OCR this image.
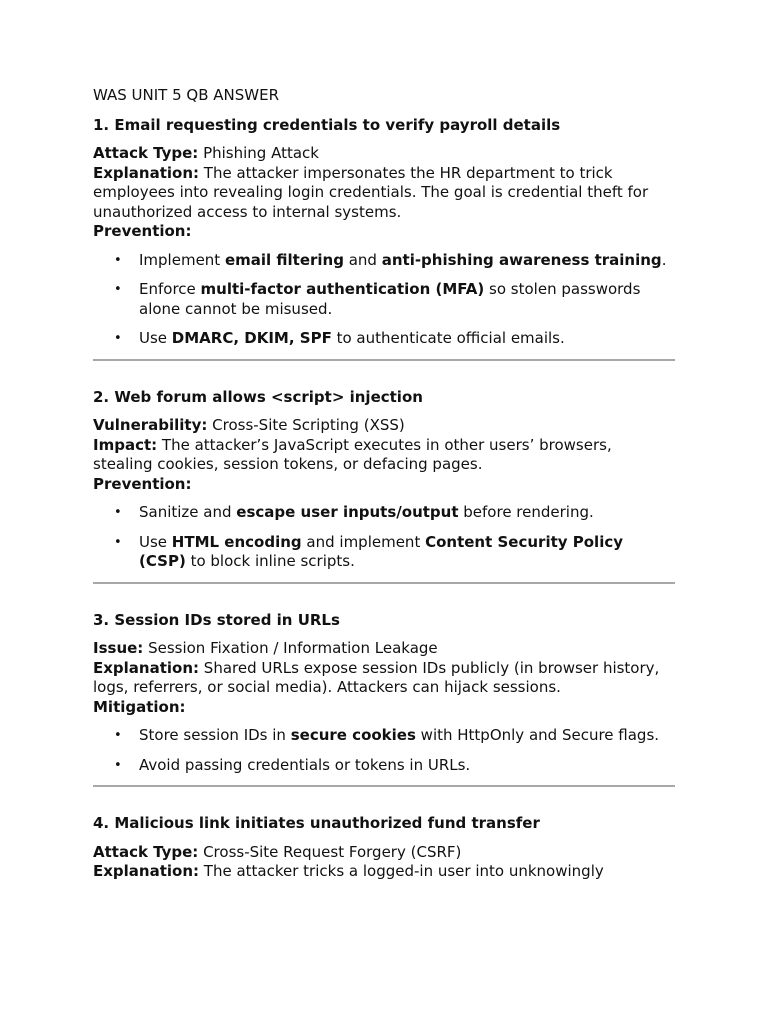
WAS UNIT 5 QB ANSWER

1. Email requesting credentials to verify payroll details

Attack Type: Phishing Attack

Explanation: The attacker impersonates the HR department to trick employees into revealing login credentials. The goal is credential theft for unauthorized access to internal systems.

Prevention:

• Implement email filtering and anti-phishing awareness training.
• Enforce multi-factor authentication (MFA) so stolen passwords alone cannot be misused.
• Use DMARC, DKIM, SPF to authenticate official emails.

2. Web forum allows <script> injection

Vulnerability: Cross-Site Scripting (XSS)

Impact: The attacker’s JavaScript executes in other users’ browsers, stealing cookies, session tokens, or defacing pages.

Prevention:

• Sanitize and escape user inputs/output before rendering.
• Use HTML encoding and implement Content Security Policy (CSP) to block inline scripts.

3. Session IDs stored in URLs

Issue: Session Fixation / Information Leakage

Explanation: Shared URLs expose session IDs publicly (in browser history, logs, referrers, or social media). Attackers can hijack sessions.

Mitigation:

• Store session IDs in secure cookies with HttpOnly and Secure flags.
• Avoid passing credentials or tokens in URLs.

4. Malicious link initiates unauthorized fund transfer

Attack Type: Cross-Site Request Forgery (CSRF)

Explanation: The attacker tricks a logged-in user into unknowingly
